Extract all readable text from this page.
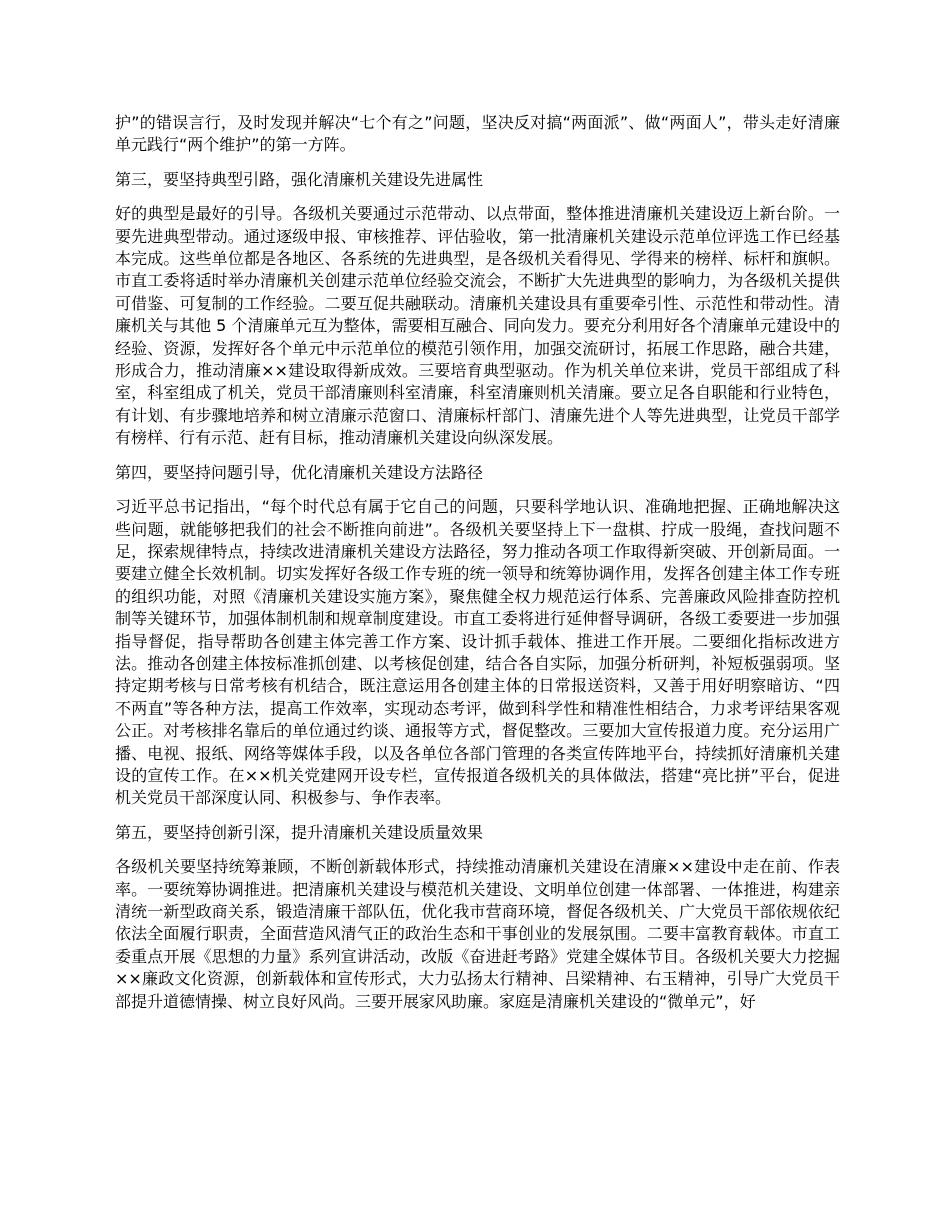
护”的错误言行，及时发现并解决“七个有之”问题，坚决反对搞“两面派”、做“两面人”，带头走好清廉单元践行“两个维护”的第一方阵。

第三，要坚持典型引路，强化清廉机关建设先进属性

好的典型是最好的引导。各级机关要通过示范带动、以点带面，整体推进清廉机关建设迈上新台阶。一要先进典型带动。通过逐级申报、审核推荐、评估验收，第一批清廉机关建设示范单位评选工作已经基本完成。这些单位都是各地区、各系统的先进典型，是各级机关看得见、学得来的榜样、标杆和旗帜。市直工委将适时举办清廉机关创建示范单位经验交流会，不断扩大先进典型的影响力，为各级机关提供可借鉴、可复制的工作经验。二要互促共融联动。清廉机关建设具有重要牵引性、示范性和带动性。清廉机关与其他 5 个清廉单元互为整体，需要相互融合、同向发力。要充分利用好各个清廉单元建设中的经验、资源，发挥好各个单元中示范单位的模范引领作用，加强交流研讨，拓展工作思路，融合共建，形成合力，推动清廉××建设取得新成效。三要培育典型驱动。作为机关单位来讲，党员干部组成了科室，科室组成了机关，党员干部清廉则科室清廉，科室清廉则机关清廉。要立足各自职能和行业特色，有计划、有步骤地培养和树立清廉示范窗口、清廉标杆部门、清廉先进个人等先进典型，让党员干部学有榜样、行有示范、赶有目标，推动清廉机关建设向纵深发展。

第四，要坚持问题引导，优化清廉机关建设方法路径

习近平总书记指出，“每个时代总有属于它自己的问题，只要科学地认识、准确地把握、正确地解决这些问题，就能够把我们的社会不断推向前进”。各级机关要坚持上下一盘棋、拧成一股绳，查找问题不足，探索规律特点，持续改进清廉机关建设方法路径，努力推动各项工作取得新突破、开创新局面。一要建立健全长效机制。切实发挥好各级工作专班的统一领导和统筹协调作用，发挥各创建主体工作专班的组织功能，对照《清廉机关建设实施方案》，聚焦健全权力规范运行体系、完善廉政风险排查防控机制等关键环节，加强体制机制和规章制度建设。市直工委将进行延伸督导调研，各级工委要进一步加强指导督促，指导帮助各创建主体完善工作方案、设计抓手载体、推进工作开展。二要细化指标改进方法。推动各创建主体按标准抓创建、以考核促创建，结合各自实际，加强分析研判，补短板强弱项。坚持定期考核与日常考核有机结合，既注意运用各创建主体的日常报送资料，又善于用好明察暗访、“四不两直”等各种方法，提高工作效率，实现动态考评，做到科学性和精准性相结合，力求考评结果客观公正。对考核排名靠后的单位通过约谈、通报等方式，督促整改。三要加大宣传报道力度。充分运用广播、电视、报纸、网络等媒体手段，以及各单位各部门管理的各类宣传阵地平台，持续抓好清廉机关建设的宣传工作。在××机关党建网开设专栏，宣传报道各级机关的具体做法，搭建“亮比拼”平台，促进机关党员干部深度认同、积极参与、争作表率。

第五，要坚持创新引深，提升清廉机关建设质量效果

各级机关要坚持统筹兼顾，不断创新载体形式，持续推动清廉机关建设在清廉××建设中走在前、作表率。一要统筹协调推进。把清廉机关建设与模范机关建设、文明单位创建一体部署、一体推进，构建亲清统一新型政商关系，锻造清廉干部队伍，优化我市营商环境，督促各级机关、广大党员干部依规依纪依法全面履行职责，全面营造风清气正的政治生态和干事创业的发展氛围。二要丰富教育载体。市直工委重点开展《思想的力量》系列宣讲活动，改版《奋进赶考路》党建全媒体节目。各级机关要大力挖掘××廉政文化资源，创新载体和宣传形式，大力弘扬太行精神、吕梁精神、右玉精神，引导广大党员干部提升道德情操、树立良好风尚。三要开展家风助廉。家庭是清廉机关建设的“微单元”，好
